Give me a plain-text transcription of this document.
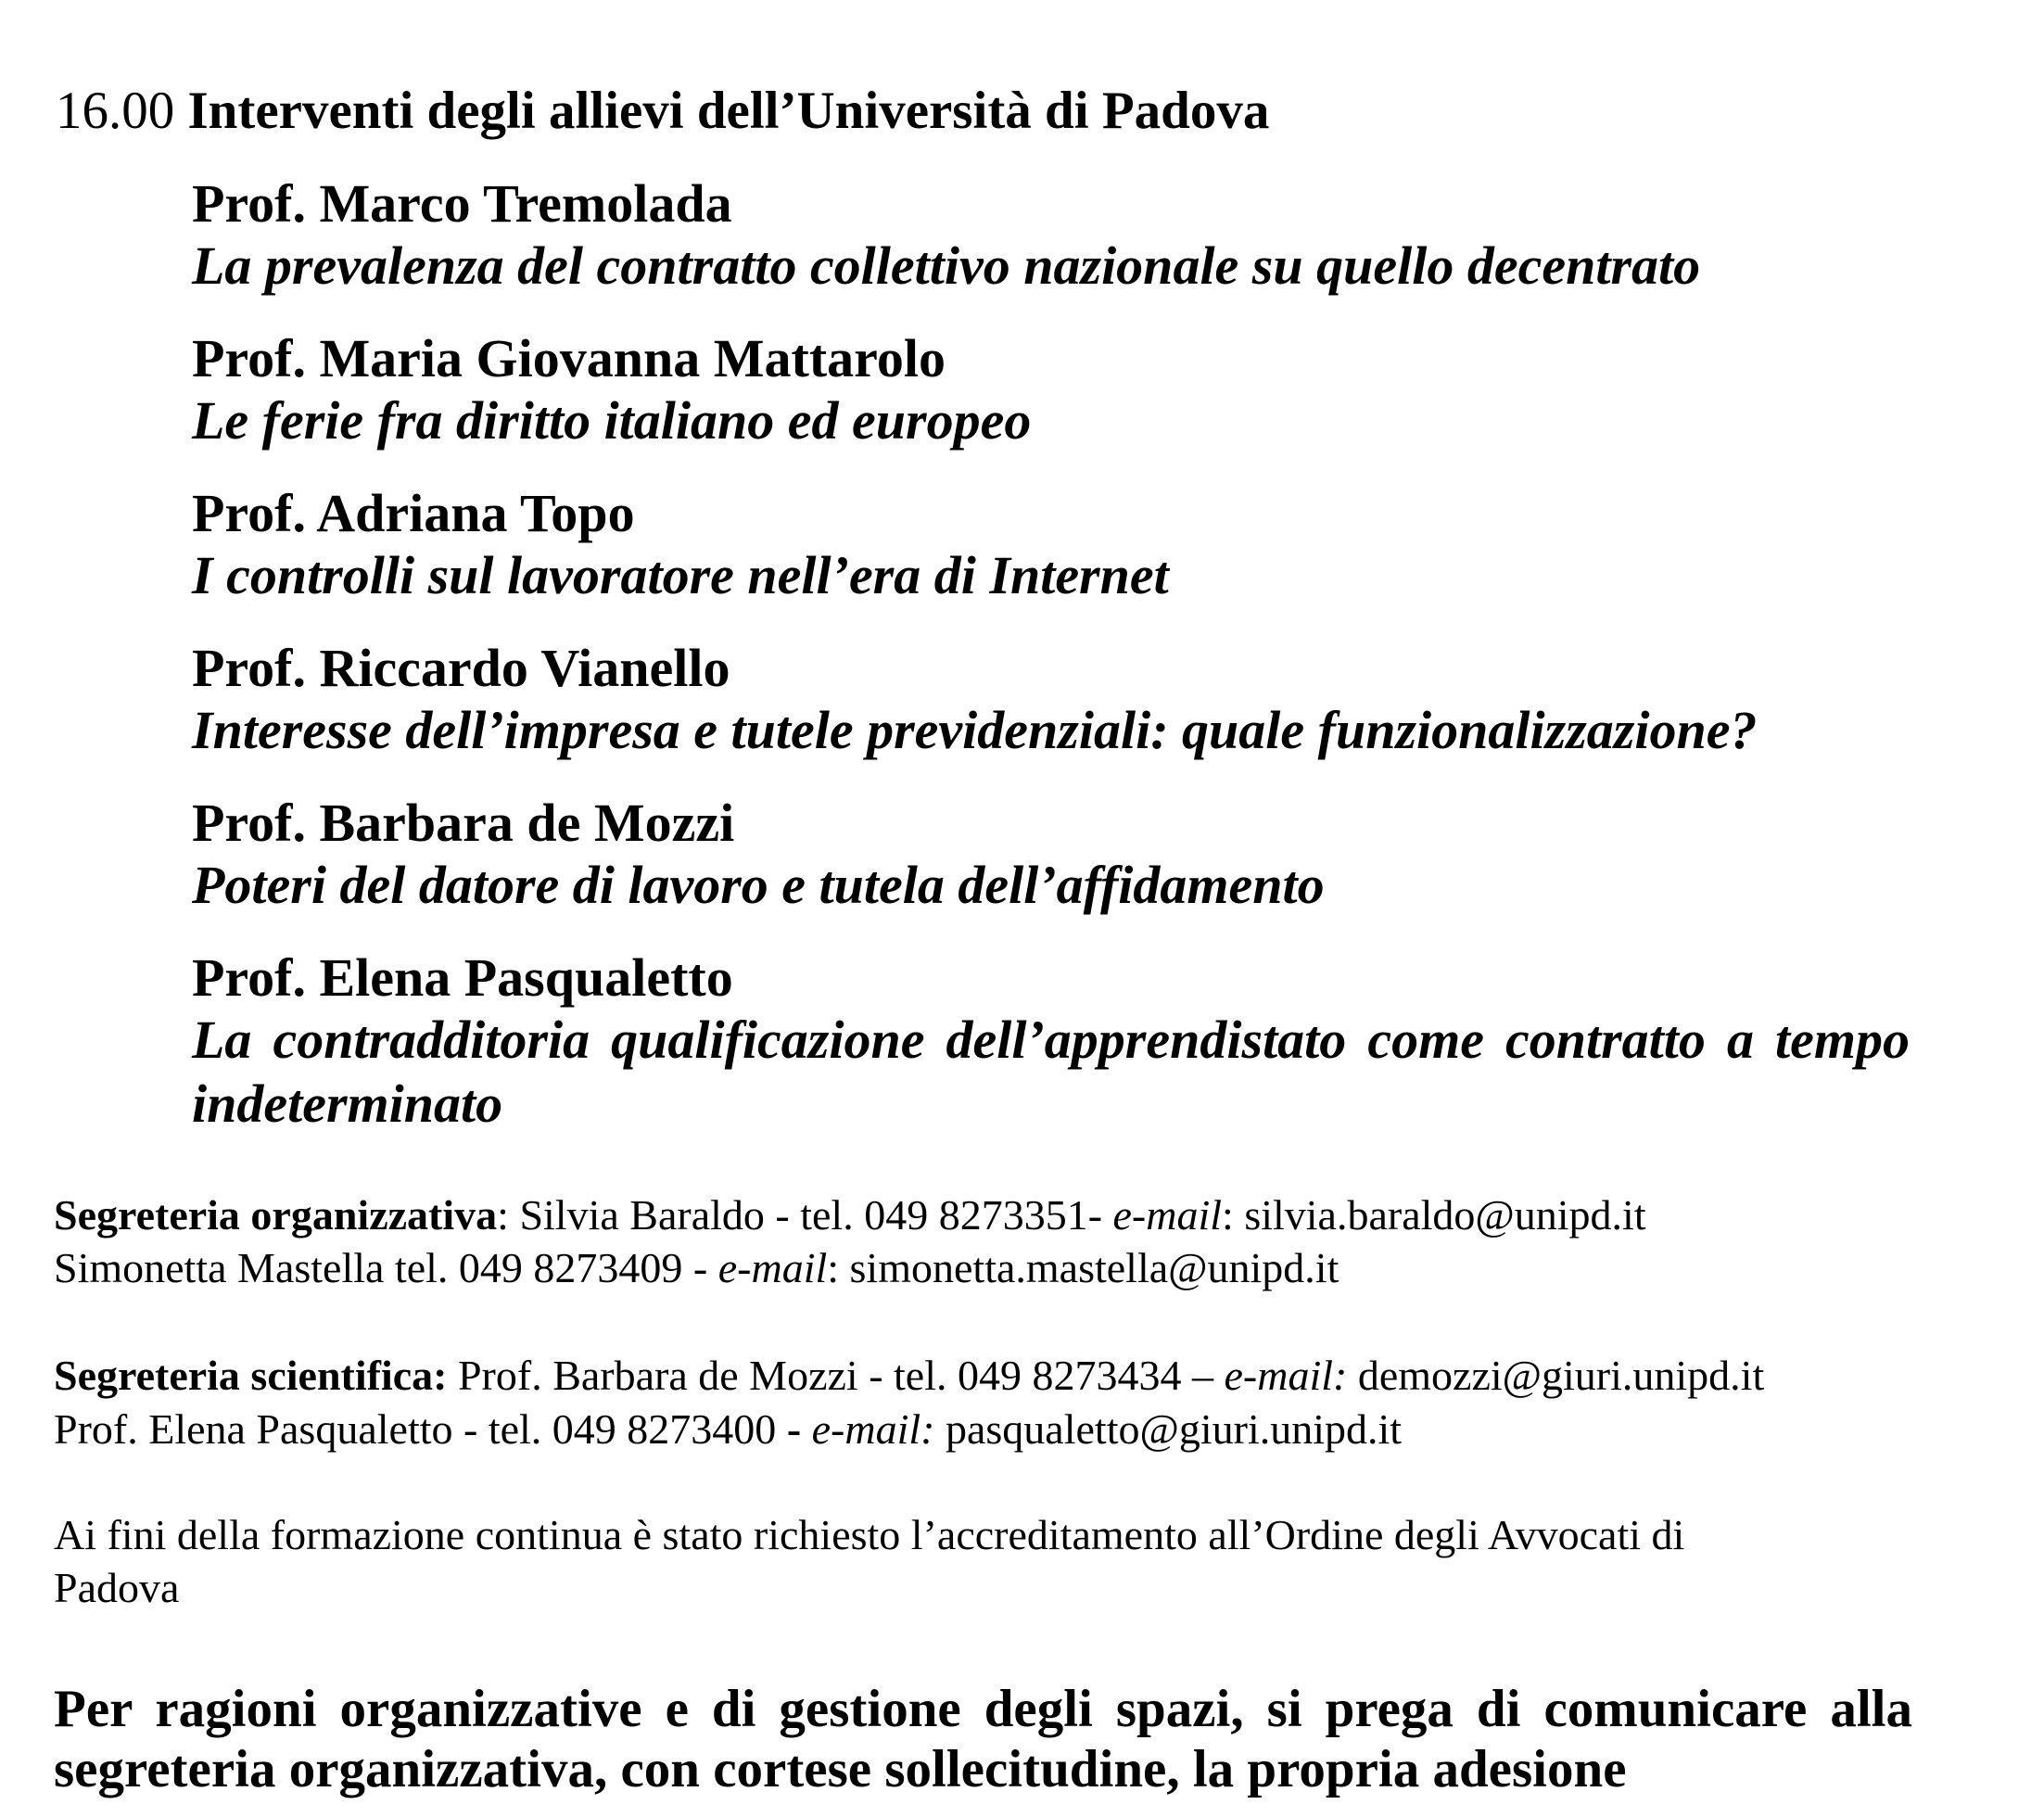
16.00 Interventi degli allievi dell’Università di Padova
Prof. Marco Tremolada
La prevalenza del contratto collettivo nazionale su quello decentrato
Prof. Maria Giovanna Mattarolo
Le ferie fra diritto italiano ed europeo
Prof. Adriana Topo
I controlli sul lavoratore nell’era di Internet
Prof. Riccardo Vianello
Interesse dell’impresa e tutele previdenziali: quale funzionalizzazione?
Prof. Barbara de Mozzi
Poteri del datore di lavoro e tutela dell’affidamento
Prof. Elena Pasqualetto
La contradditoria qualificazione dell’apprendistato come contratto a tempo
indeterminato
Segreteria organizzativa: Silvia Baraldo - tel. 049 8273351- e-mail: silvia.baraldo@unipd.it
Simonetta Mastella tel. 049 8273409 - e-mail: simonetta.mastella@unipd.it
Segreteria scientifica: Prof. Barbara de Mozzi - tel. 049 8273434 – e-mail: demozzi@giuri.unipd.it
Prof. Elena Pasqualetto - tel. 049 8273400 - e-mail: pasqualetto@giuri.unipd.it
Ai fini della formazione continua è stato richiesto l’accreditamento all’Ordine degli Avvocati di
Padova
Per ragioni organizzative e di gestione degli spazi, si prega di comunicare alla
segreteria organizzativa, con cortese sollecitudine, la propria adesione
